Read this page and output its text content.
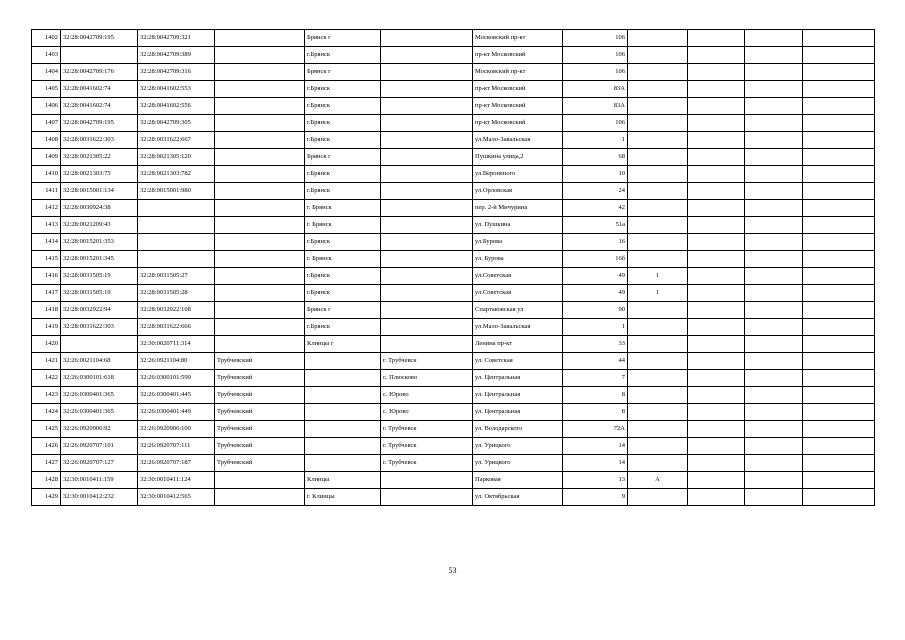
1402	32:28:0042709:195	32:28:0042709:321		Брянск г		Московский пр-кт	106				
1403		32:28:0042709:389		г.Брянск		пр-кт Московский	106				
1404	32:28:0042709:176	32:28:0042709:316		Брянск г		Московский пр-кт	106				
1405	32:28:0041602:74	32:28:0041602:553		г.Брянск		пр-кт Московский	83А				
1406	32:28:0041602:74	32:28:0041602:556		г.Брянск		пр-кт Московский	83А				
1407	32:28:0042709:195	32:28:0042709:305		г.Брянск		пр-кт Московский	106				
1408	32:28:0031622:303	32:28:0031622:667		г.Брянск		ул.Мало-Завальская	1				
1409	32:28:0021305:22	32:28:0021305:120		Брянск г		Пушкина улица,2	68				
1410	32:28:0021303:75	32:28:0021303:782		г.Брянск		ул.Вероненого	10				
1411	32:28:0015001:134	32:28:0015001:980		г.Брянск		ул.Орловская	24				
1412	32:28:0030924:38			г. Брянск		пер. 2-й Мичурина	42				
1413	32:28:0021209:43			г. Брянск		ул. Пушкина	51а				
1414	32:28:0015201:353			г.Брянск		ул.Бурова	16				
1415	32:28:0015201:345			г. Брянск		ул. Бурова	16б				
1416	32:28:0031505:19	32:28:0031505:27		г.Брянск		ул.Советская	49	1			
1417	32:28:0031505:19	32:28:0031505:28		г.Брянск		ул.Советская	49	1			
1418	32:28:0032922:94	32:28:0032922:108		Брянск г		Спартаковская ул	90				
1419	32:28:0031622:303	32:28:0031622:666		г.Брянск		ул.Мало-Завальская	1				
1420		32:30:0020711:314		Клинцы г		Ленина пр-кт	33				
1421	32:26:0021104:68	32:26:0921104:80	Трубчевский		г. Трубчевск	ул. Советская	44				
1422	32:26:0300101:618	32:26:0300101:590	Трубчевский		с. Плюсково	ул. Центральная	7				
1423	32:26:0300401:365	32:26:0300401:445	Трубчевский		с. Юрово	ул. Центральная	8				
1424	32:26:0300401:365	32:26:0300401:449	Трубчевский		с. Юрово	ул. Центральная	8				
1425	32:26:0920906:92	32:26:0920906:100	Трубчевский		г. Трубчевск	ул. Володарского	72А				
1426	32:26:0920707:101	32:26:0920707:111	Трубчевский		г. Трубчевск	ул. Урицкого	14				
1427	32:26:0920707:127	32:26:0920707:187	Трубчевский		г. Трубчевск	ул. Урицкого	14				
1428	32:30:0010411:159	32:30:0010411:124		Клинцы		Парковая	13	А			
1429	32:30:0010412:232	32:30:0010412:565		г. Клинцы		ул. Октябрьская	9				
53
